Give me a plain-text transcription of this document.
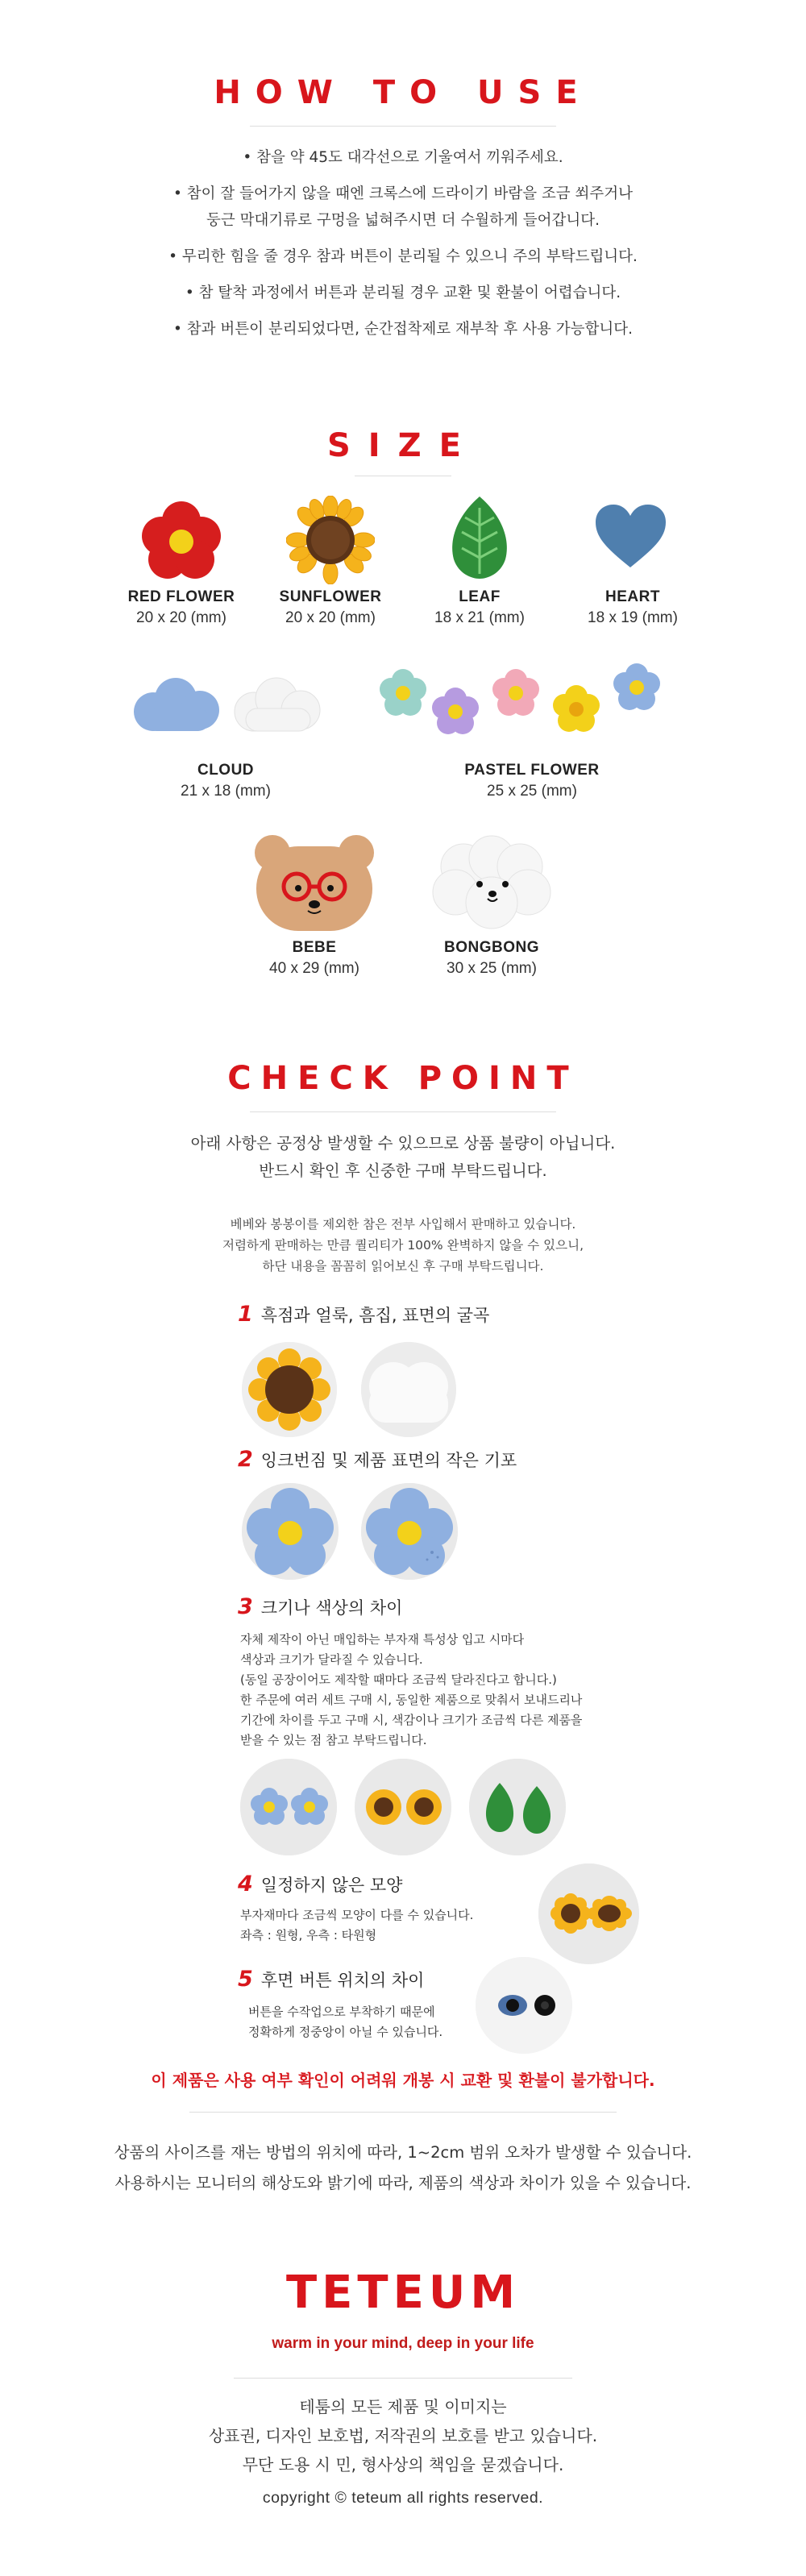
HOW TO USE

• 참을 약 45도 대각선으로 기울여서 끼워주세요.

• 참이 잘 들어가지 않을 때엔 크록스에 드라이기 바람을 조금 쐬주거나

둥근 막대기류로 구멍을 넓혀주시면 더 수월하게 들어갑니다.

• 무리한 힘을 줄 경우 참과 버튼이 분리될 수 있으니 주의 부탁드립니다.

• 참 탈착 과정에서 버튼과 분리될 경우 교환 및 환불이 어렵습니다.

• 참과 버튼이 분리되었다면, 순간접착제로 재부착 후 사용 가능합니다.

SIZE
RED FLOWER
20 x 20 (mm)
SUNFLOWER
20 x 20 (mm)
LEAF
18 x 21 (mm)
HEART
18 x 19 (mm)
CLOUD
21 x 18 (mm)
PASTEL FLOWER
25 x 25 (mm)
BEBE
40 x 29 (mm)
BONGBONG
30 x 25 (mm)
CHECK POINT

아래 사항은 공정상 발생할 수 있으므로 상품 불량이 아닙니다.

반드시 확인 후 신중한 구매 부탁드립니다.

베베와 봉봉이를 제외한 참은 전부 사입해서 판매하고 있습니다.

저렴하게 판매하는 만큼 퀄리티가 100% 완벽하지 않을 수 있으니,

하단 내용을 꼼꼼히 읽어보신 후 구매 부탁드립니다.

1 흑점과 얼룩, 흠집, 표면의 굴곡
2 잉크번짐 및 제품 표면의 작은 기포
3 크기나 색상의 차이

자체 제작이 아닌 매입하는 부자재 특성상 입고 시마다

색상과 크기가 달라질 수 있습니다.

(동일 공장이어도 제작할 때마다 조금씩 달라진다고 합니다.)

한 주문에 여러 세트 구매 시, 동일한 제품으로 맞춰서 보내드리나

기간에 차이를 두고 구매 시, 색감이나 크기가 조금씩 다른 제품을

받을 수 있는 점 참고 부탁드립니다.

4 일정하지 않은 모양

부자재마다 조금씩 모양이 다를 수 있습니다.

좌측 : 원형, 우측 : 타원형

5 후면 버튼 위치의 차이

버튼을 수작업으로 부착하기 때문에

정확하게 정중앙이 아닐 수 있습니다.

이 제품은 사용 여부 확인이 어려워 개봉 시 교환 및 환불이 불가합니다.

상품의 사이즈를 재는 방법의 위치에 따라, 1~2cm 범위 오차가 발생할 수 있습니다.

사용하시는 모니터의 해상도와 밝기에 따라, 제품의 색상과 차이가 있을 수 있습니다.

TETEUM
warm in your mind, deep in your life

테툼의 모든 제품 및 이미지는

상표권, 디자인 보호법, 저작권의 보호를 받고 있습니다.

무단 도용 시 민, 형사상의 책임을 묻겠습니다.

copyright © teteum all rights reserved.
